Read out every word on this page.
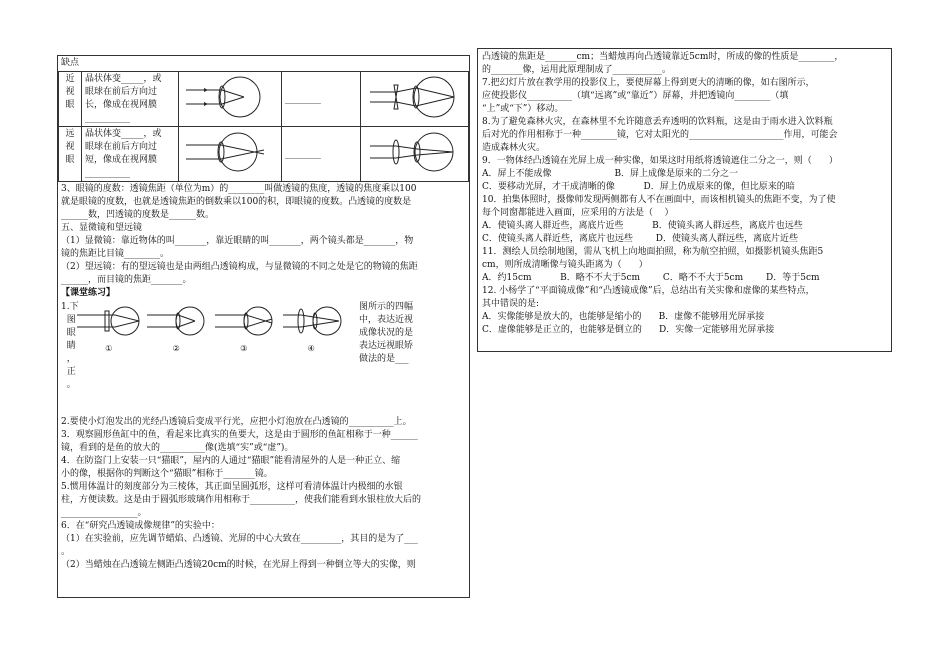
缺点
近
视
眼	晶状体变_____，或
眼球在前后方向过
长，像成在视网膜
__________		________

远
视
眼	晶状体变_____，或
眼球在前后方向过
短，像成在视网膜
__________		________

3、眼镜的度数：透镜焦距（单位为m）的________叫做透镜的焦度，透镜的焦度乘以100
就是眼镜的度数，也就是透镜焦距的倒数乘以100的积，即眼镜的度数。凸透镜的度数是
______数，凹透镜的度数是______数。
五、显微镜和望远镜
（1）显微镜：靠近物体的叫_______，靠近眼睛的叫_______，两个镜头都是_______，物
镜的焦距比目镜________。
（2）望远镜：有的望远镜也是由两组凸透镜构成，与显微镜的不同之处是它的物镜的焦距
______，而目镜的焦距_______。
【课堂练习】
1.下
图
眼
睛
，
正
。
①	②	③	④
图所示的四幅
中，表达近视
成像状况的是
表达远视眼矫
做法的是___
2.要使小灯泡发出的光经凸透镜后变成平行光，应把小灯泡放在凸透镜的__________上。
3．观察圆形鱼缸中的鱼，看起来比真实的鱼要大，这是由于圆形的鱼缸相称于一种______
镜，看到的是鱼的放大的__________像(选填“实”或“虚”)。
4．在防盗门上安装一只“猫眼”，屋内的人通过“猫眼”能看清屋外的人是一种正立、缩
小的像，根据你的判断这个“猫眼”相称于_______镜。
5.惯用体温计的刻度部分为三棱体，其正面呈圆弧形，这样可看清体温计内极细的水银
柱，方便读数。这是由于圆弧形玻璃作用相称于__________，使我们能看到水银柱放大后的
_________________。
6．在“研究凸透镜成像规律”的实验中：
（1）在实验前，应先调节蜡焰、凸透镜、光屏的中心大致在_________，其目的是为了___
。
（2）当蜡烛在凸透镜左侧距凸透镜20cm的时候，在光屏上得到一种倒立等大的实像，则
凸透镜的焦距是_______cm；当蜡烛再向凸透镜靠近5cm时，所成的像的性质是________，
的_______像，运用此原理制成了___________。
7.把幻灯片放在教学用的投影仪上，要使屏幕上得到更大的清晰的像，如右图所示，
应使投影仪__________（填“远离”或“靠近”）屏幕，并把透镜向________（填
“上”或“下”）移动。
8.为了避免森林火灾，在森林里不允许随意丢弃透明的饮料瓶，这是由于雨水进入饮料瓶
后对光的作用相称于一种________镜，它对太阳光的_____________________作用，可能会
造成森林火灾。
9．一物体经凸透镜在光屏上成一种实像，如果这时用纸将透镜遮住二分之一，则（      ）
A．屏上不能成像                      B．屏上成像是原来的二分之一
C．要移动光屏，才干成清晰的像          D．屏上仍成原来的像，但比原来的暗
10．拍集体照时，摄像师发现两侧都有人不在画面中，而该相机镜头的焦距不变，为了使
每个同窗都能进入画面，应采用的方法是（    ）
A．使镜头离人群近些，离底片近些          B．使镜头离人群远些，离底片也远些
C．使镜头离人群近些，离底片也远些        D．使镜头离人群远些，离底片近些
11．测绘人员绘制地图，需从飞机上向地面拍照，称为航空拍照，如摄影机镜头焦距5
cm，则所成清晰像与镜头距离为（      ）
A．约15cm          B．略不不大于5cm        C．略不不大于5cm        D．等于5cm
12. 小杨学了“平面镜成像”和“凸透镜成像”后，总结出有关实像和虚像的某些特点，
其中错误的是:
A．实像能够是放大的，也能够是缩小的      B．虚像不能够用光屏承接
C．虚像能够是正立的，也能够是倒立的      D．实像一定能够用光屏承接
